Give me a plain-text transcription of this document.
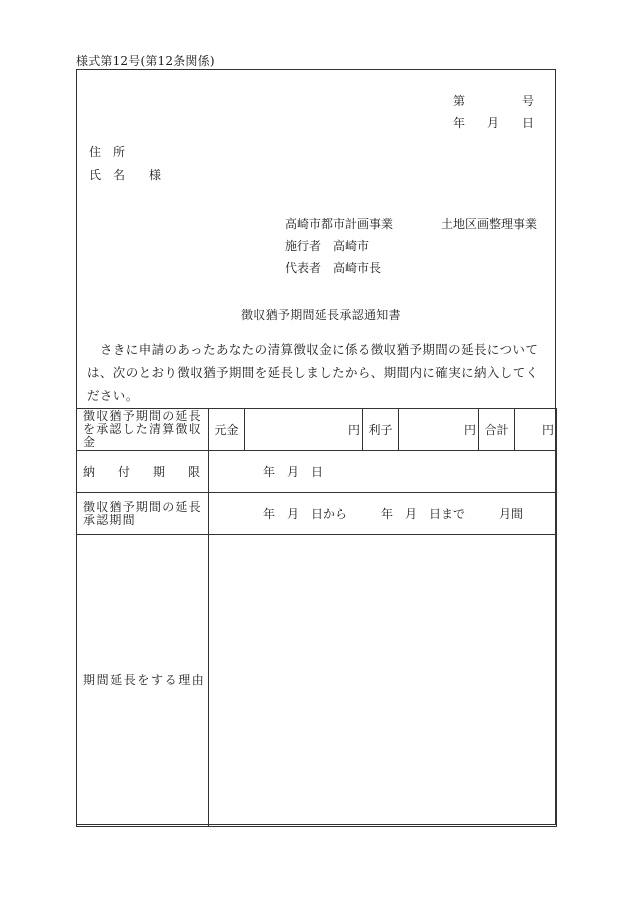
様式第12号(第12条関係)
第	号
年 月 日
住　所
氏　名 様
高崎市都市計画事業	土地区画整理事業
施行者 高崎市
代表者 高崎市長
徴収猶予期間延長承認通知書
さきに申請のあったあなたの清算徴収金に係る徴収猶予期間の延長については、次のとおり徴収猶予期間を延長しましたから、期間内に確実に納入してください。
徴収猶予期間の延長を承認した清算徴収金	元金	円	利子	円	合計	円
納　付　期　限	年　月　日					
徴収猶予期間の延長承認期間	年　月　日から 年　月　日まで 月間					

期間延長をする理由						
